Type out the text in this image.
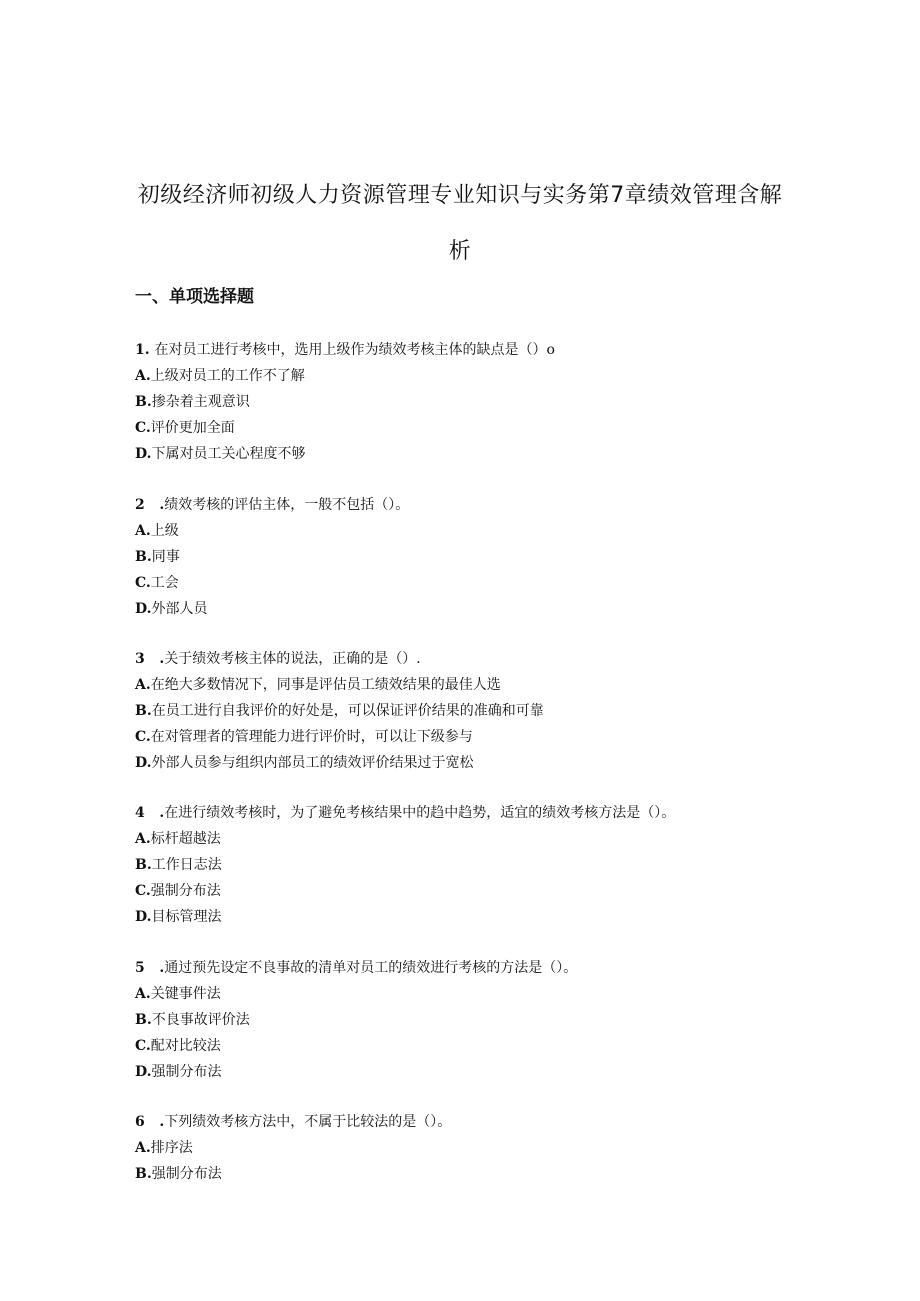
初级经济师初级人力资源管理专业知识与实务第7章绩效管理含解
析
一、单项选择题
1. 在对员工进行考核中，选用上级作为绩效考核主体的缺点是（）o
A.上级对员工的工作不了解
B.掺杂着主观意识
C.评价更加全面
D.下属对员工关心程度不够
2   .绩效考核的评估主体，一般不包括（）。
A.上级
B.同事
C.工会
D.外部人员
3   .关于绩效考核主体的说法，正确的是（）.
A.在绝大多数情况下，同事是评估员工绩效结果的最佳人选
B.在员工进行自我评价的好处是，可以保证评价结果的准确和可靠
C.在对管理者的管理能力进行评价时，可以让下级参与
D.外部人员参与组织内部员工的绩效评价结果过于宽松
4   .在进行绩效考核时，为了避免考核结果中的趋中趋势，适宜的绩效考核方法是（）。
A.标杆超越法
B.工作日志法
C.强制分布法
D.目标管理法
5   .通过预先设定不良事故的清单对员工的绩效进行考核的方法是（）。
A.关键事件法
B.不良事故评价法
C.配对比较法
D.强制分布法
6   .下列绩效考核方法中，不属于比较法的是（）。
A.排序法
B.强制分布法
